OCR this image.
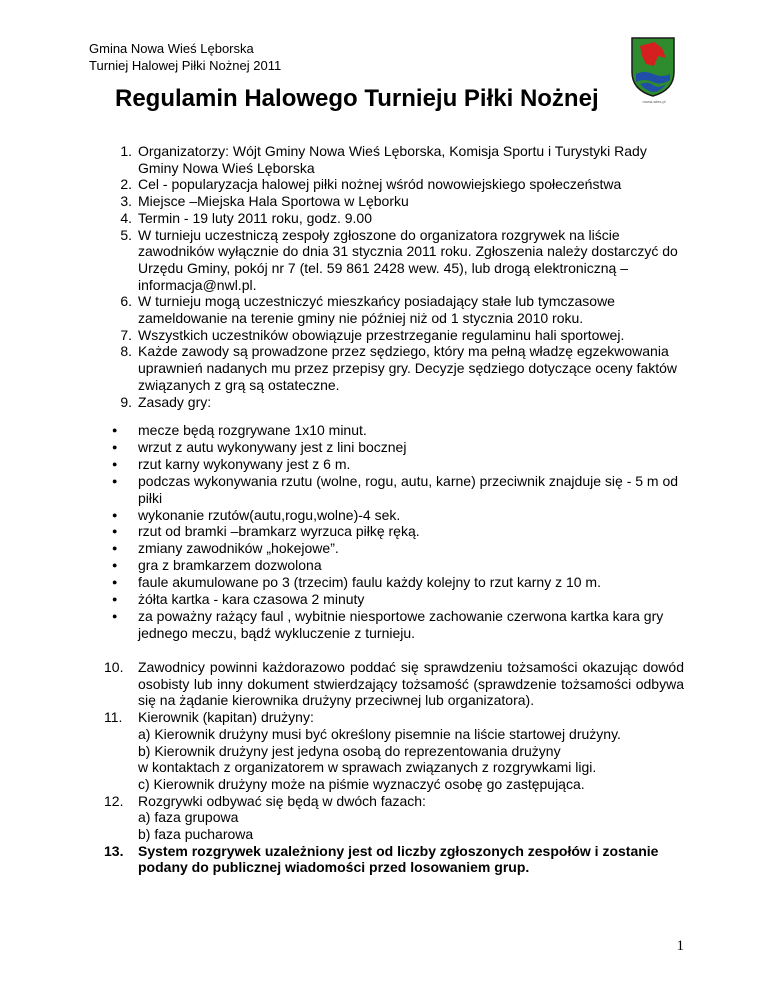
Gmina Nowa Wieś Lęborska
Turniej Halowej Piłki Nożnej 2011
nowa-wies.pl
Regulamin Halowego Turnieju Piłki Nożnej
1. Organizatorzy: Wójt Gminy Nowa Wieś Lęborska, Komisja Sportu i Turystyki Rady Gminy Nowa Wieś Lęborska
2. Cel - popularyzacja halowej piłki nożnej wśród nowowiejskiego społeczeństwa
3. Miejsce –Miejska Hala Sportowa w Lęborku
4. Termin - 19 luty 2011 roku, godz. 9.00
5. W turnieju uczestniczą zespoły zgłoszone do organizatora rozgrywek na liście zawodników wyłącznie do dnia 31 stycznia 2011 roku. Zgłoszenia należy dostarczyć do Urzędu Gminy, pokój nr 7 (tel. 59 861 2428 wew. 45), lub drogą elektroniczną – informacja@nwl.pl.
6. W turnieju mogą uczestniczyć mieszkańcy posiadający stałe lub tymczasowe zameldowanie na terenie gminy nie później niż od 1 stycznia 2010 roku.
7. Wszystkich uczestników obowiązuje przestrzeganie regulaminu hali sportowej.
8. Każde zawody są prowadzone przez sędziego, który ma pełną władzę egzekwowania uprawnień nadanych mu przez przepisy gry. Decyzje sędziego dotyczące oceny faktów związanych z grą są ostateczne.
9. Zasady gry:
● mecze będą rozgrywane 1x10 minut.
● wrzut z autu wykonywany jest z lini bocznej
● rzut karny wykonywany jest z 6 m.
● podczas wykonywania rzutu (wolne, rogu, autu, karne) przeciwnik znajduje się - 5 m od piłki
● wykonanie rzutów(autu,rogu,wolne)-4 sek.
● rzut od bramki –bramkarz wyrzuca piłkę ręką.
● zmiany zawodników „hokejowe”.
● gra z bramkarzem dozwolona
● faule akumulowane po 3 (trzecim) faulu każdy kolejny to rzut karny z 10 m.
● żółta kartka - kara czasowa 2 minuty
● za poważny rażący faul , wybitnie niesportowe zachowanie czerwona kartka kara gry jednego meczu, bądź wykluczenie z turnieju.
10.	Zawodnicy powinni każdorazowo poddać się sprawdzeniu tożsamości okazując dowód osobisty lub inny dokument stwierdzający tożsamość (sprawdzenie tożsamości odbywa się na żądanie kierownika drużyny przeciwnej lub organizatora).
11.	Kierownik (kapitan) drużyny:
a) Kierownik drużyny musi być określony pisemnie na liście startowej drużyny.
b) Kierownik drużyny jest jedyna osobą do reprezentowania drużyny
w kontaktach z organizatorem w sprawach związanych z rozgrywkami ligi.
c) Kierownik drużyny może na piśmie wyznaczyć osobę go zastępująca.
12.	Rozgrywki odbywać się będą w dwóch fazach:
a) faza grupowa
b) faza pucharowa
13.	System rozgrywek uzależniony jest od liczby zgłoszonych zespołów i zostanie podany do publicznej wiadomości przed losowaniem grup.
1
